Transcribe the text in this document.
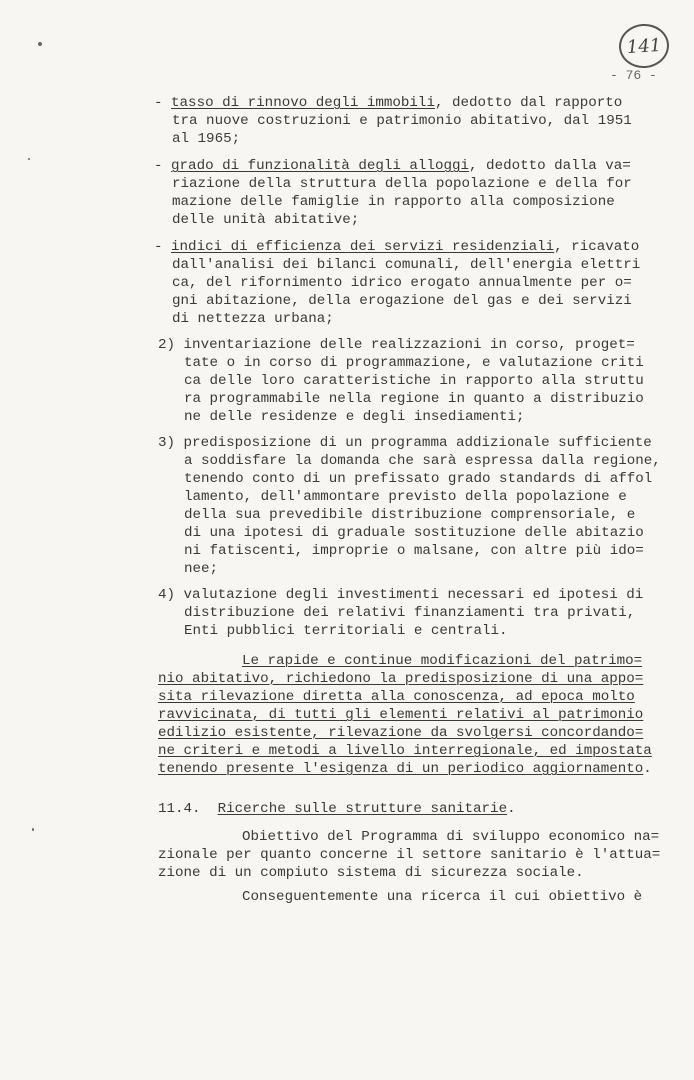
141
- 76 -
- tasso di rinnovo degli immobili, dedotto dal rapporto
tra nuove costruzioni e patrimonio abitativo, dal 1951
al 1965;
- grado di funzionalità degli alloggi, dedotto dalla va=
riazione della struttura della popolazione e della for
mazione delle famiglie in rapporto alla composizione
delle unità abitative;
- indici di efficienza dei servizi residenziali, ricavato
dall'analisi dei bilanci comunali, dell'energia elettri
ca, del rifornimento idrico erogato annualmente per o=
gni abitazione, della erogazione del gas e dei servizi
di nettezza urbana;
2) inventariazione delle realizzazioni in corso, proget=
tate o in corso di programmazione, e valutazione criti
ca delle loro caratteristiche in rapporto alla struttu
ra programmabile nella regione in quanto a distribuzio
ne delle residenze e degli insediamenti;
3) predisposizione di un programma addizionale sufficiente
a soddisfare la domanda che sarà espressa dalla regione,
tenendo conto di un prefissato grado standards di affol
lamento, dell'ammontare previsto della popolazione e
della sua prevedibile distribuzione comprensoriale, e
di una ipotesi di graduale sostituzione delle abitazio
ni fatiscenti, improprie o malsane, con altre più ido=
nee;
4) valutazione degli investimenti necessari ed ipotesi di
distribuzione dei relativi finanziamenti tra privati,
Enti pubblici territoriali e centrali.
Le rapide e continue modificazioni del patrimo=
nio abitativo, richiedono la predisposizione di una appo=
sita rilevazione diretta alla conoscenza, ad epoca molto
ravvicinata, di tutti gli elementi relativi al patrimonio
edilizio esistente, rilevazione da svolgersi concordando=
ne criteri e metodi a livello interregionale, ed impostata
tenendo presente l'esigenza di un periodico aggiornamento.
11.4. Ricerche sulle strutture sanitarie.
Obiettivo del Programma di sviluppo economico na=
zionale per quanto concerne il settore sanitario è l'attua=
zione di un compiuto sistema di sicurezza sociale.
Conseguentemente una ricerca il cui obiettivo è
